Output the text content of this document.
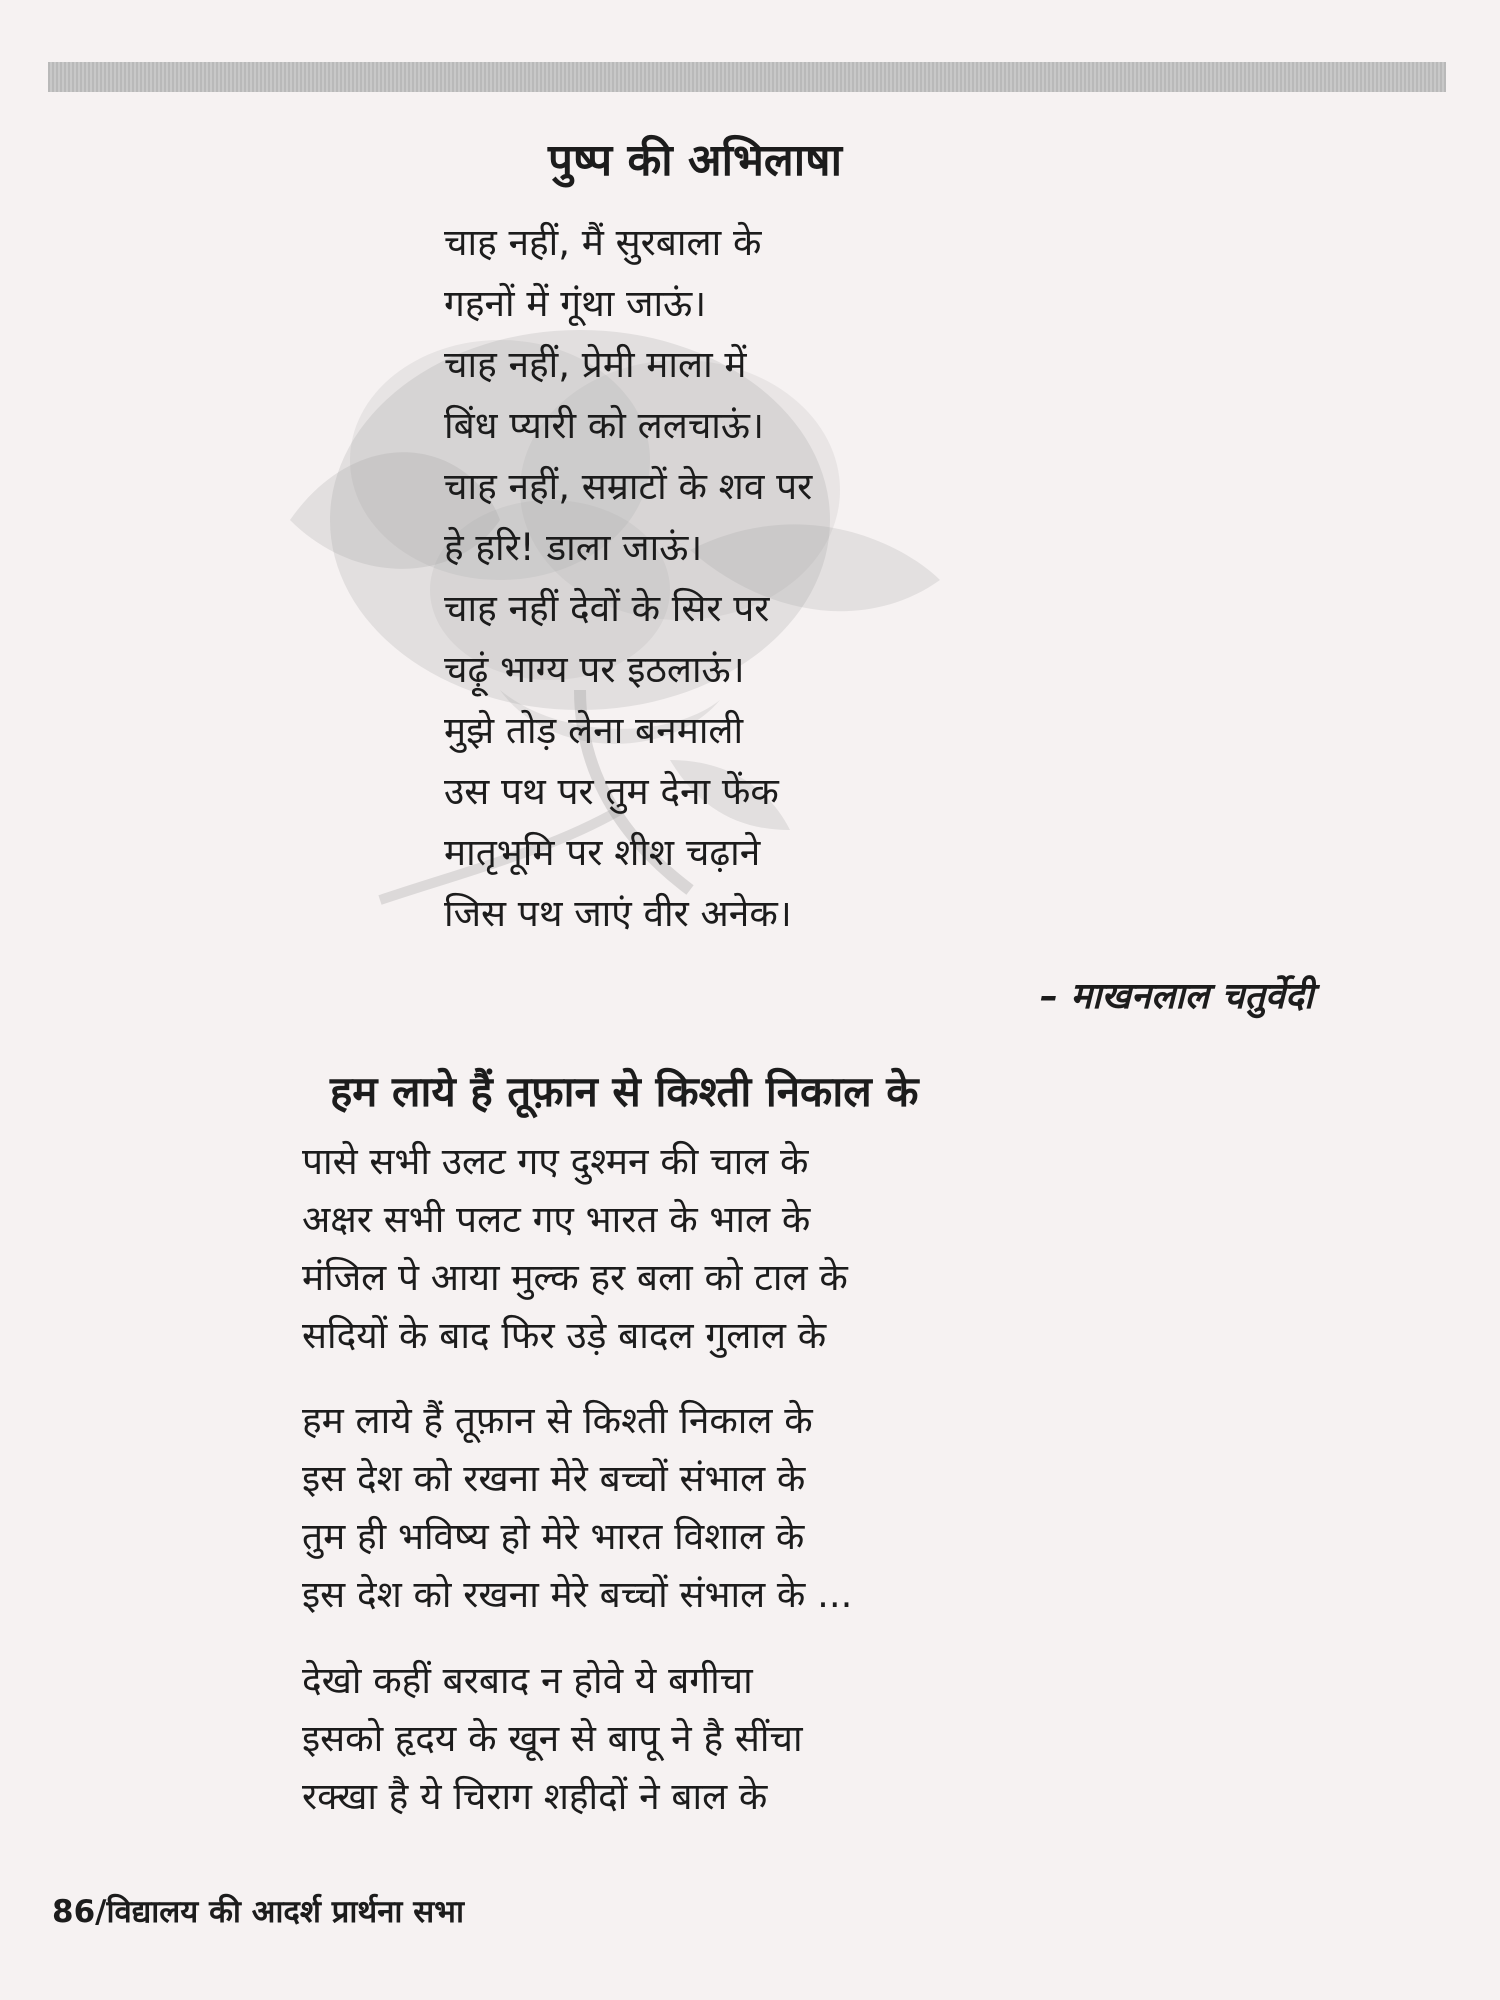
पुष्प की अभिलाषा
चाह नहीं, मैं सुरबाला के
गहनों में गूंथा जाऊं।
चाह नहीं, प्रेमी माला में
बिंध प्यारी को ललचाऊं।
चाह नहीं, सम्राटों के शव पर
हे हरि! डाला जाऊं।
चाह नहीं देवों के सिर पर
चढ़ूं भाग्य पर इठलाऊं।
मुझे तोड़ लेना बनमाली
उस पथ पर तुम देना फेंक
मातृभूमि पर शीश चढ़ाने
जिस पथ जाएं वीर अनेक।
– माखनलाल चतुर्वेदी
हम लाये हैं तूफ़ान से किश्ती निकाल के
पासे सभी उलट गए दुश्मन की चाल के
अक्षर सभी पलट गए भारत के भाल के
मंजिल पे आया मुल्क हर बला को टाल के
सदियों के बाद फिर उड़े बादल गुलाल के
हम लाये हैं तूफ़ान से किश्ती निकाल के
इस देश को रखना मेरे बच्चों संभाल के
तुम ही भविष्य हो मेरे भारत विशाल के
इस देश को रखना मेरे बच्चों संभाल के ...
देखो कहीं बरबाद न होवे ये बगीचा
इसको हृदय के खून से बापू ने है सींचा
रक्खा है ये चिराग शहीदों ने बाल के
86/विद्यालय की आदर्श प्रार्थना सभा
